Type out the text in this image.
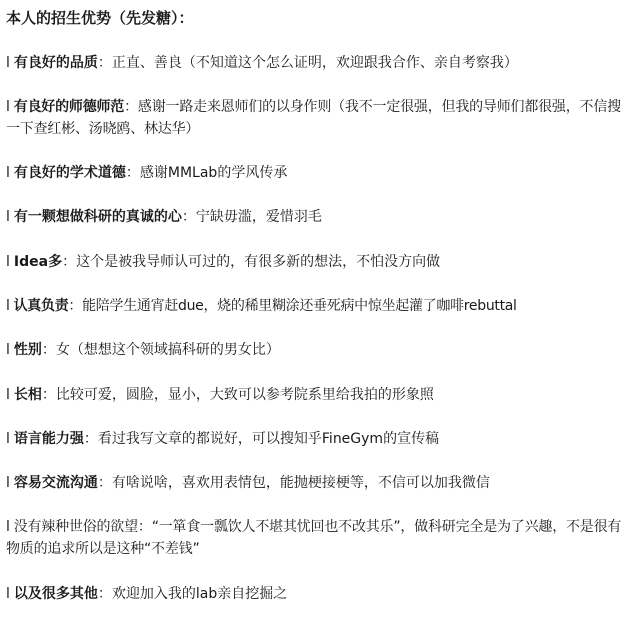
本人的招生优势（先发糖）：
l 有良好的品质：正直、善良（不知道这个怎么证明，欢迎跟我合作、亲自考察我）
l 有良好的师德师范：感谢一路走来恩师们的以身作则（我不一定很强，但我的导师们都很强，不信搜一下查红彬、汤晓鸥、林达华）
l 有良好的学术道德：感谢MMLab的学风传承
l 有一颗想做科研的真诚的心：宁缺毋滥，爱惜羽毛
l Idea多：这个是被我导师认可过的，有很多新的想法，不怕没方向做
l 认真负责：能陪学生通宵赶due，烧的稀里糊涂还垂死病中惊坐起灌了咖啡rebuttal
l 性别：女（想想这个领域搞科研的男女比）
l 长相：比较可爱，圆脸，显小，大致可以参考院系里给我拍的形象照
l 语言能力强：看过我写文章的都说好，可以搜知乎FineGym的宣传稿
l 容易交流沟通：有啥说啥，喜欢用表情包，能抛梗接梗等，不信可以加我微信
l 没有辣种世俗的欲望：“一箪食一瓢饮人不堪其忧回也不改其乐”，做科研完全是为了兴趣，不是很有物质的追求所以是这种“不差钱”
l 以及很多其他：欢迎加入我的lab亲自挖掘之
